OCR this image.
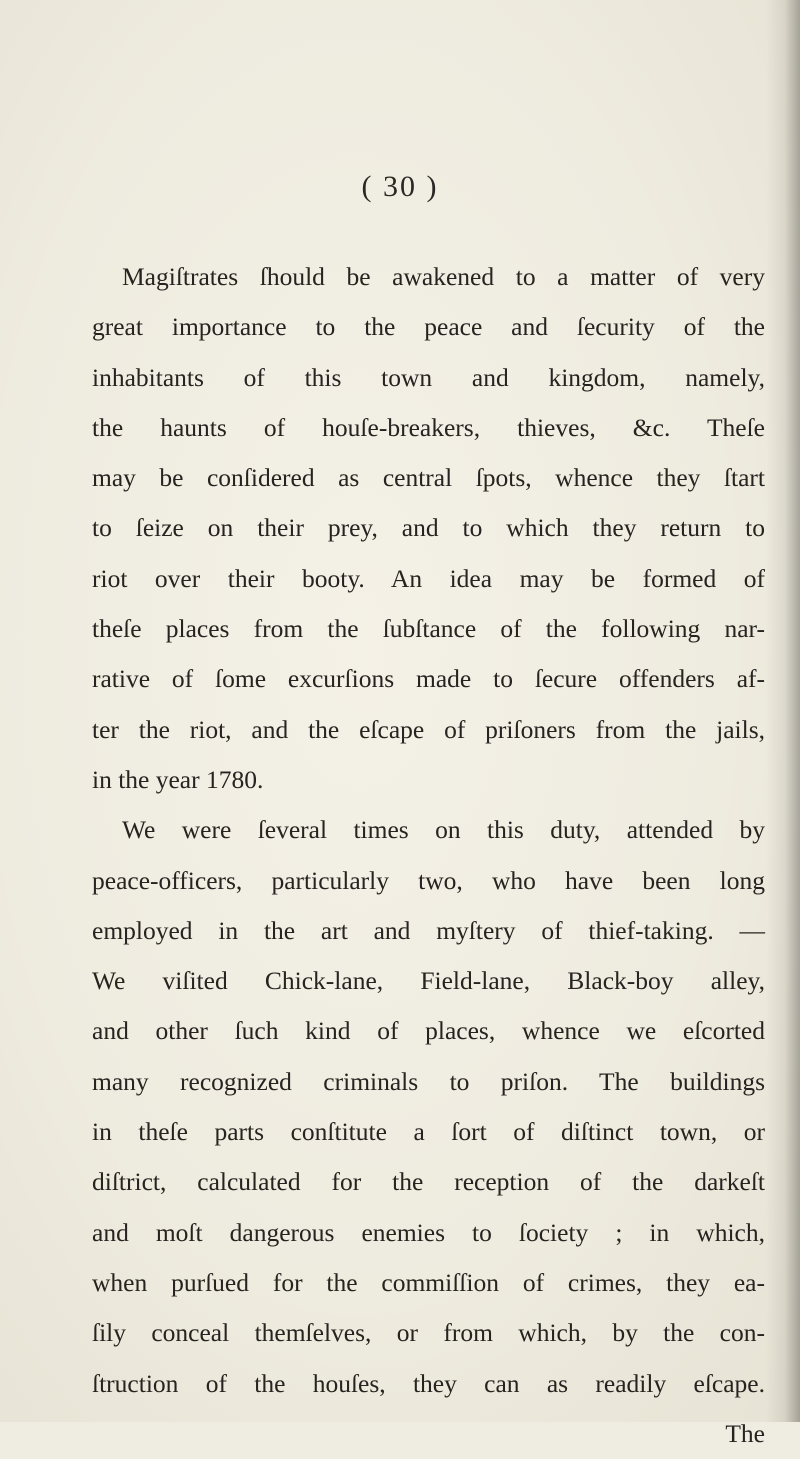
( 30 )

Magiſtrates ſhould be awakened to a matter of very
great importance to the peace and ſecurity of the
inhabitants of this town and kingdom, namely,
the haunts of houſe-breakers, thieves, &c. Theſe
may be conſidered as central ſpots, whence they ſtart
to ſeize on their prey, and to which they return to
riot over their booty. An idea may be formed of
theſe places from the ſubſtance of the following nar-
rative of ſome excurſions made to ſecure offenders af-
ter the riot, and the eſcape of priſoners from the jails,
in the year 1780.
We were ſeveral times on this duty, attended by
peace-officers, particularly two, who have been long
employed in the art and myſtery of thief-taking. —
We viſited Chick-lane, Field-lane, Black-boy alley,
and other ſuch kind of places, whence we eſcorted
many recognized criminals to priſon. The buildings
in theſe parts conſtitute a ſort of diſtinct town, or
diſtrict, calculated for the reception of the darkeſt
and moſt dangerous enemies to ſociety ; in which,
when purſued for the commiſſion of crimes, they ea-
ſily conceal themſelves, or from which, by the con-
ſtruction of the houſes, they can as readily eſcape.
The
